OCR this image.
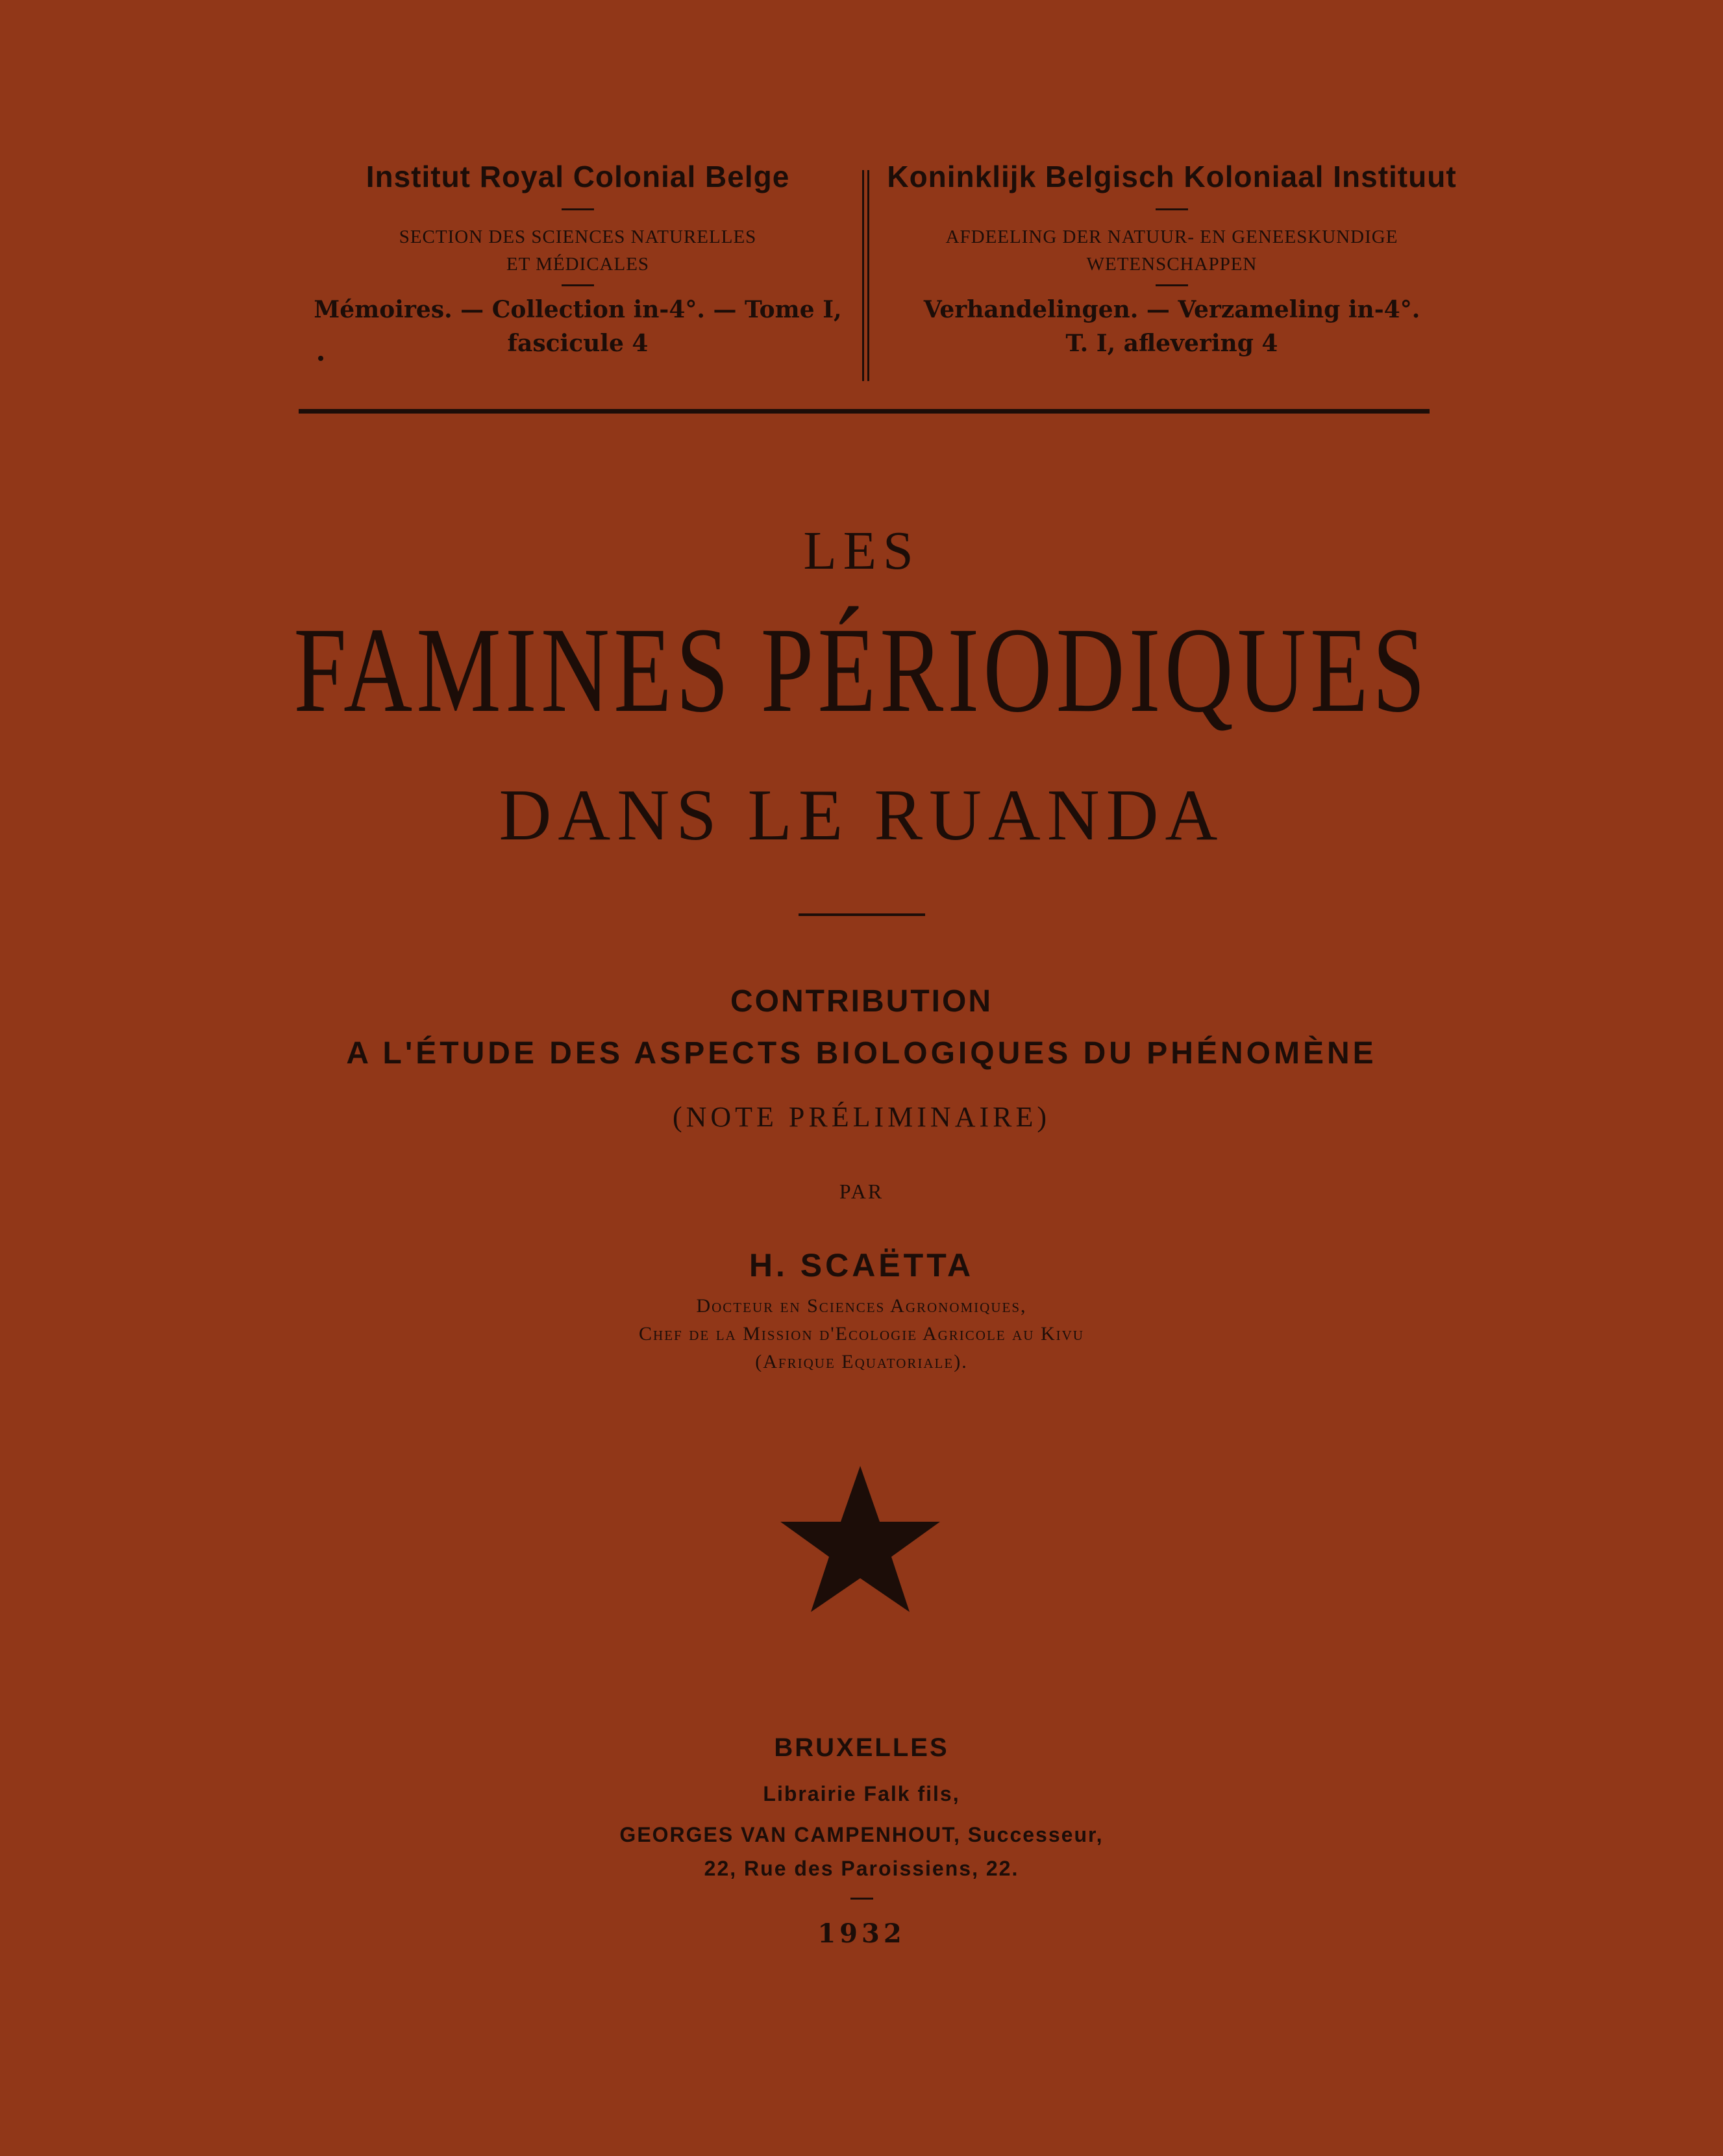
Institut Royal Colonial Belge
SECTION DES SCIENCES NATURELLES
ET MÉDICALES
Mémoires. — Collection in-4°. — Tome I,
fascicule 4
Koninklijk Belgisch Koloniaal Instituut
AFDEELING DER NATUUR- EN GENEESKUNDIGE
WETENSCHAPPEN
Verhandelingen. — Verzameling in-4°.
T. I, aflevering 4
LES
FAMINES PÉRIODIQUES
DANS LE RUANDA
CONTRIBUTION
A L'ÉTUDE DES ASPECTS BIOLOGIQUES DU PHÉNOMÈNE
(NOTE PRÉLIMINAIRE)
PAR
H. SCAËTTA
Docteur en Sciences Agronomiques,
Chef de la Mission d'Ecologie Agricole au Kivu
(Afrique Equatoriale).
BRUXELLES
Librairie Falk fils,
GEORGES VAN CAMPENHOUT, Successeur,
22, Rue des Paroissiens, 22.
1932
